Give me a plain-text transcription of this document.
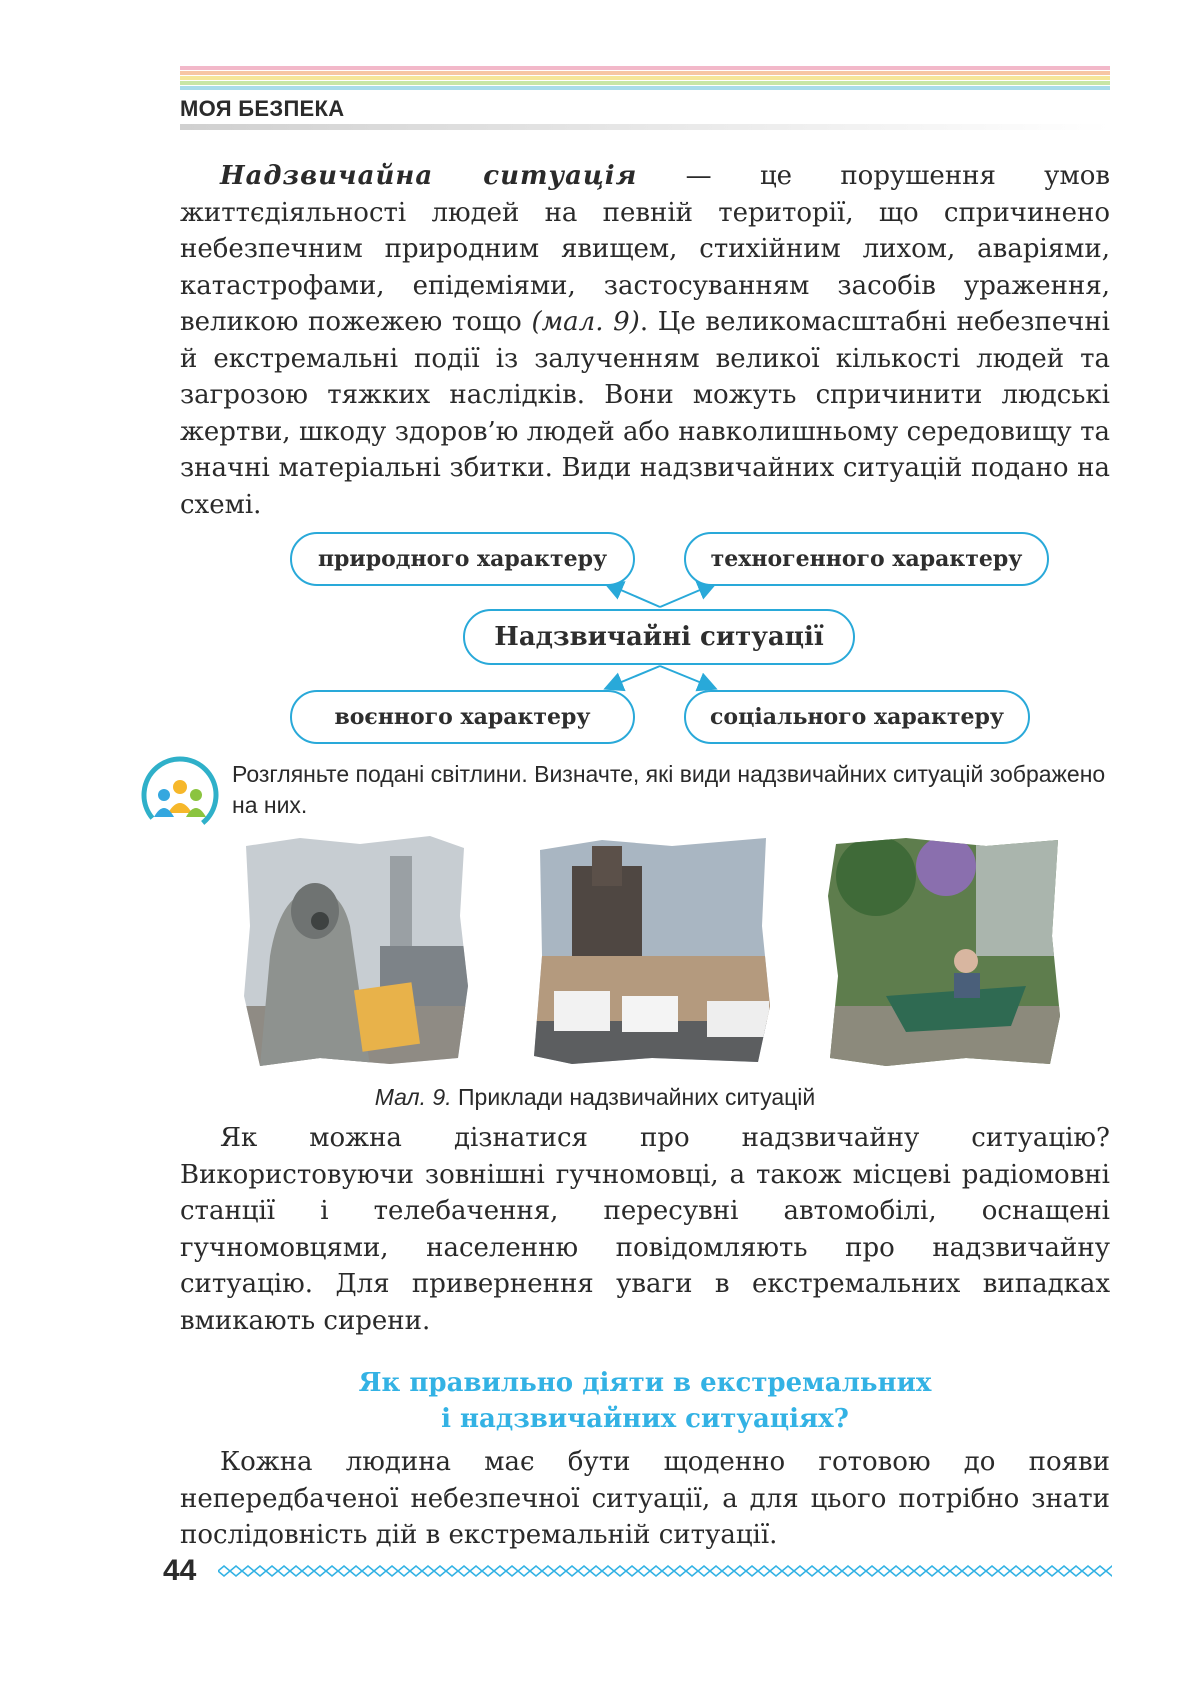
МОЯ БЕЗПЕКА

Надзвичайна ситуація — це порушення умов життєдіяльності людей на певній території, що спричинено небезпечним природним явищем, стихійним лихом, аваріями, катастрофами, епідеміями, застосуванням засобів ураження, великою пожежею тощо (мал. 9). Це великомасштабні небезпечні й екстремальні події із залученням великої кількості людей та загрозою тяжких наслідків. Вони можуть спричинити людські жертви, шкоду здоров’ю людей або навколишньому середовищу та значні матеріальні збитки. Види надзвичайних ситуацій подано на схемі.

природного характеру	техногенного характеру
Надзвичайні ситуації
воєнного характеру	соціального характеру
Розгляньте подані світлини. Визначте, які види надзвичайних ситуацій зображено на них.
Мал. 9. Приклади надзвичайних ситуацій

Як можна дізнатися про надзвичайну ситуацію? Використовуючи зовнішні гучномовці, а також місцеві радіомовні станції і телебачення, пересувні автомобілі, оснащені гучномовцями, населенню повідомляють про надзвичайну ситуацію. Для привернення уваги в екстремальних випадках вмикають сирени.

Як правильно діяти в екстремальних
і надзвичайних ситуаціях?

Кожна людина має бути щоденно готовою до появи непередбаченої небезпечної ситуації, а для цього потрібно знати послідовність дій в екстремальній ситуації.

44
